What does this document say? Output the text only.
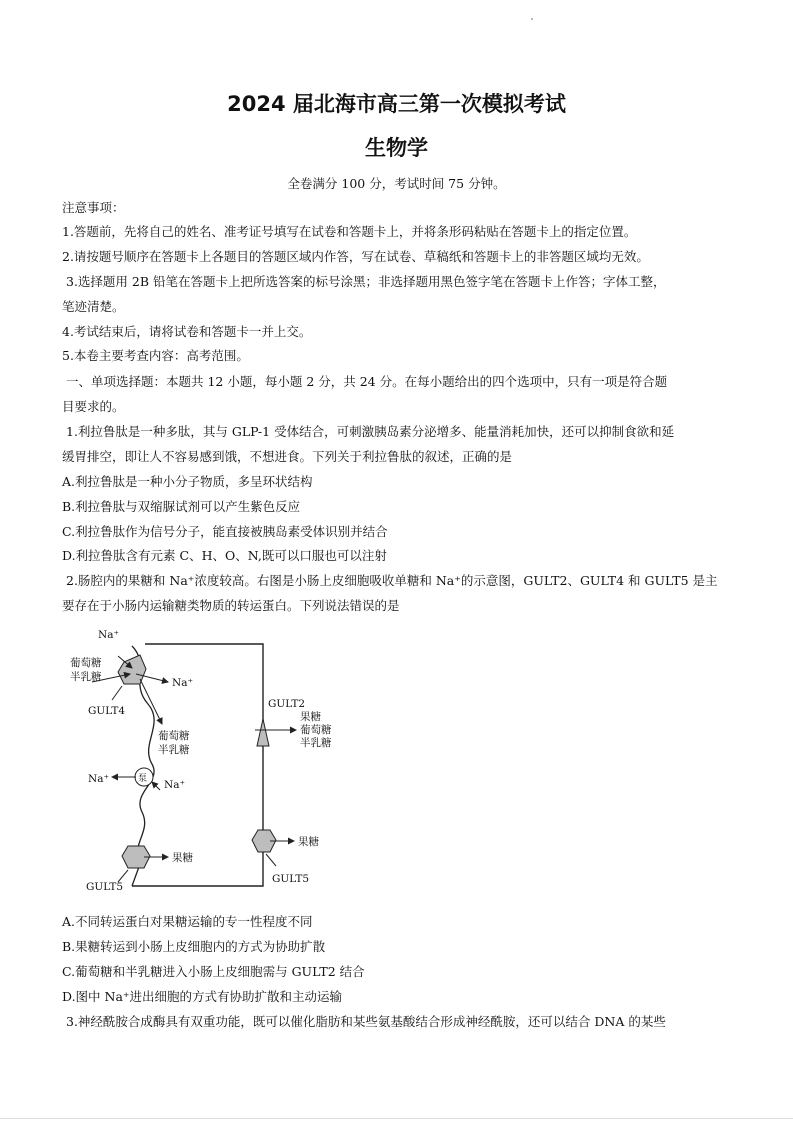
2024 届北海市高三第一次模拟考试
生物学
全卷满分 100 分，考试时间 75 分钟。
注意事项：
1.答题前，先将自己的姓名、准考证号填写在试卷和答题卡上，并将条形码粘贴在答题卡上的指定位置。
2.请按题号顺序在答题卡上各题目的答题区域内作答，写在试卷、草稿纸和答题卡上的非答题区域均无效。
3.选择题用 2B 铅笔在答题卡上把所选答案的标号涂黑；非选择题用黑色签字笔在答题卡上作答；字体工整，
笔迹清楚。
4.考试结束后，请将试卷和答题卡一并上交。
5.本卷主要考查内容：高考范围。
一、单项选择题：本题共 12 小题，每小题 2 分，共 24 分。在每小题给出的四个选项中，只有一项是符合题
目要求的。
1.利拉鲁肽是一种多肽，其与 GLP-1 受体结合，可刺激胰岛素分泌增多、能量消耗加快，还可以抑制食欲和延
缓胃排空，即让人不容易感到饿，不想进食。下列关于利拉鲁肽的叙述，正确的是
A.利拉鲁肽是一种小分子物质，多呈环状结构
B.利拉鲁肽与双缩脲试剂可以产生紫色反应
C.利拉鲁肽作为信号分子，能直接被胰岛素受体识别并结合
D.利拉鲁肽含有元素 C、H、O、N,既可以口服也可以注射
2.肠腔内的果糖和 Na⁺浓度较高。右图是小肠上皮细胞吸收单糖和 Na⁺的示意图，GULT2、GULT4 和 GULT5 是主
要存在于小肠内运输糖类物质的转运蛋白。下列说法错误的是
Na⁺
葡萄糖
半乳糖	Na⁺
GULT4
葡萄糖
半乳糖
泵
Na⁺	Na⁺
果糖
GULT5
GULT2
果糖
葡萄糖
半乳糖
果糖
GULT5
A.不同转运蛋白对果糖运输的专一性程度不同
B.果糖转运到小肠上皮细胞内的方式为协助扩散
C.葡萄糖和半乳糖进入小肠上皮细胞需与 GULT2 结合
D.图中 Na⁺进出细胞的方式有协助扩散和主动运输
3.神经酰胺合成酶具有双重功能，既可以催化脂肪和某些氨基酸结合形成神经酰胺，还可以结合 DNA 的某些
